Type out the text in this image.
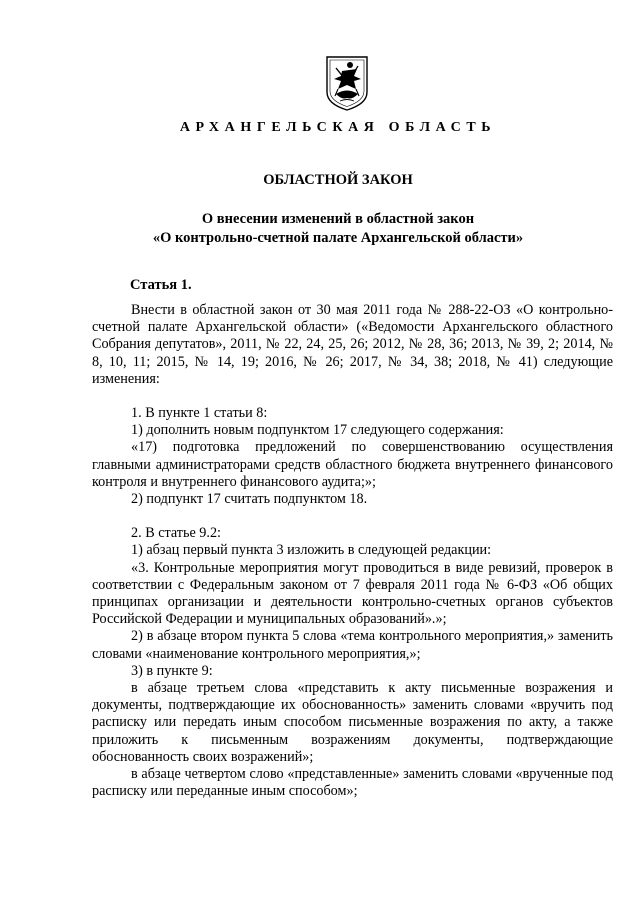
АРХАНГЕЛЬСКАЯ ОБЛАСТЬ
ОБЛАСТНОЙ ЗАКОН
О внесении изменений в областной закон
«О контрольно-счетной палате Архангельской области»
Статья 1.

Внести в областной закон от 30 мая 2011 года № 288-22-ОЗ «О контрольно-счетной палате Архангельской области» («Ведомости Архангельского областного Собрания депутатов», 2011, № 22, 24, 25, 26; 2012, № 28, 36; 2013, № 39, 2; 2014, № 8, 10, 11; 2015, № 14, 19; 2016, № 26; 2017, № 34, 38; 2018, № 41) следующие изменения:

1. В пункте 1 статьи 8:

1) дополнить новым подпунктом 17 следующего содержания:

«17) подготовка предложений по совершенствованию осуществления главными администраторами средств областного бюджета внутреннего финансового контроля и внутреннего финансового аудита;»;

2) подпункт 17 считать подпунктом 18.

2. В статье 9.2:

1) абзац первый пункта 3 изложить в следующей редакции:

«3. Контрольные мероприятия могут проводиться в виде ревизий, проверок в соответствии с Федеральным законом от 7 февраля 2011 года № 6-ФЗ «Об общих принципах организации и деятельности контрольно-счетных органов субъектов Российской Федерации и муниципальных образований».»;

2) в абзаце втором пункта 5 слова «тема контрольного мероприятия,» заменить словами «наименование контрольного мероприятия,»;

3) в пункте 9:

в абзаце третьем слова «представить к акту письменные возражения и документы, подтверждающие их обоснованность» заменить словами «вручить под расписку или передать иным способом письменные возражения по акту, а также приложить к письменным возражениям документы, подтверждающие обоснованность своих возражений»;

в абзаце четвертом слово «представленные» заменить словами «врученные под расписку или переданные иным способом»;
